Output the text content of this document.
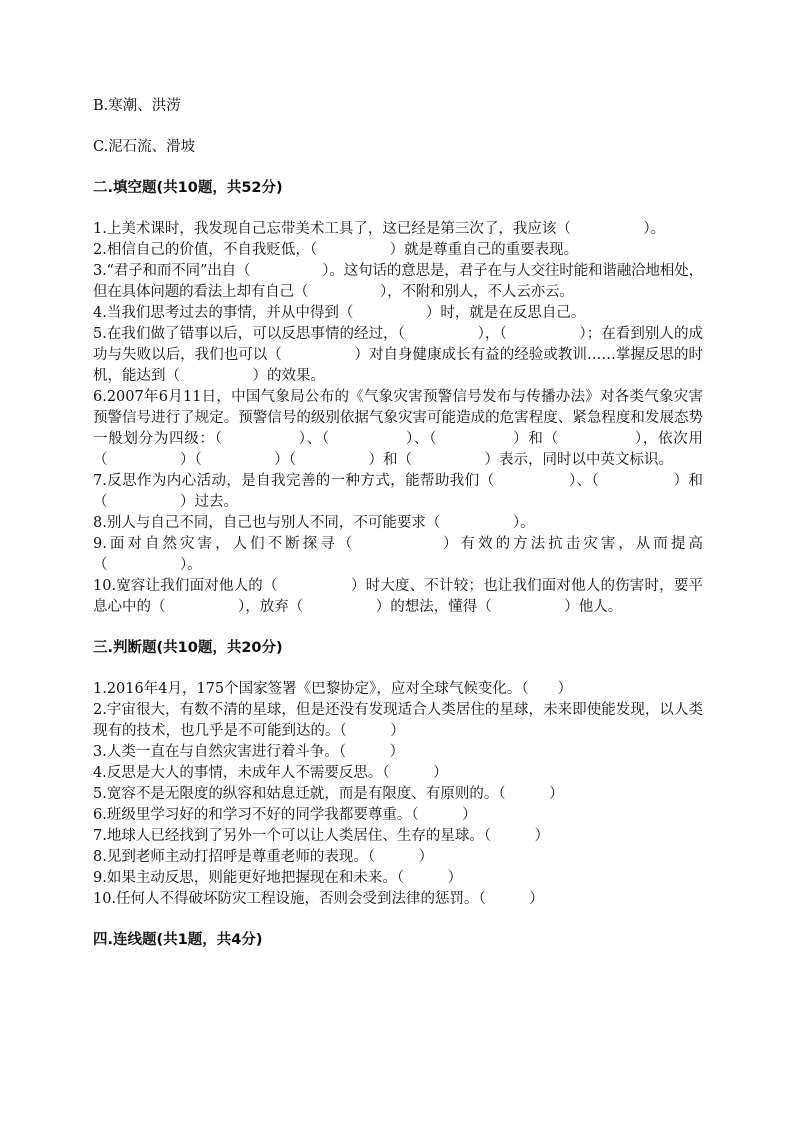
B.寒潮、洪涝
C.泥石流、滑坡
二.填空题(共10题，共52分)
1.上美术课时，我发现自己忘带美术工具了，这已经是第三次了，我应该（　　　　　）。
2.相信自己的价值，不自我贬低，（　　　　　）就是尊重自己的重要表现。
3.“君子和而不同”出自（　　　　　）。这句话的意思是，君子在与人交往时能和谐融洽地相处，但在具体问题的看法上却有自己（　　　　　），不附和别人，不人云亦云。
4.当我们思考过去的事情，并从中得到（　　　　　）时，就是在反思自己。
5.在我们做了错事以后，可以反思事情的经过，（　　　　　），（　　　　　）；在看到别人的成功与失败以后，我们也可以（　　　　　）对自身健康成长有益的经验或教训……掌握反思的时机，能达到（　　　　　）的效果。
6.2007年6月11日，中国气象局公布的《气象灾害预警信号发布与传播办法》对各类气象灾害预警信号进行了规定。预警信号的级别依据气象灾害可能造成的危害程度、紧急程度和发展态势一般划分为四级：（　　　　　）、（　　　　　）、（　　　　　）和（　　　　　），依次用（　　　　　）（　　　　　）（　　　　　）和（　　　　　）表示，同时以中英文标识。
7.反思作为内心活动，是自我完善的一种方式，能帮助我们（　　　　　）、（　　　　　）和（　　　　　）过去。
8.别人与自己不同，自己也与别人不同，不可能要求（　　　　　）。
9.面对自然灾害，人们不断探寻（　　　　　）有效的方法抗击灾害，从而提高（　　　　　）。
10.宽容让我们面对他人的（　　　　　）时大度、不计较；也让我们面对他人的伤害时，要平息心中的（　　　　　），放弃（　　　　　）的想法，懂得（　　　　　）他人。
三.判断题(共10题，共20分)
1.2016年4月，175个国家签署《巴黎协定》，应对全球气候变化。（　　）
2.宇宙很大，有数不清的星球，但是还没有发现适合人类居住的星球，未来即使能发现，以人类现有的技术，也几乎是不可能到达的。（　　　）
3.人类一直在与自然灾害进行着斗争。（　　　）
4.反思是大人的事情，未成年人不需要反思。（　　　）
5.宽容不是无限度的纵容和姑息迁就，而是有限度、有原则的。（　　　）
6.班级里学习好的和学习不好的同学我都要尊重。（　　　）
7.地球人已经找到了另外一个可以让人类居住、生存的星球。（　　　）
8.见到老师主动打招呼是尊重老师的表现。（　　　）
9.如果主动反思，则能更好地把握现在和未来。（　　　）
10.任何人不得破坏防灾工程设施，否则会受到法律的惩罚。（　　　）
四.连线题(共1题，共4分)
